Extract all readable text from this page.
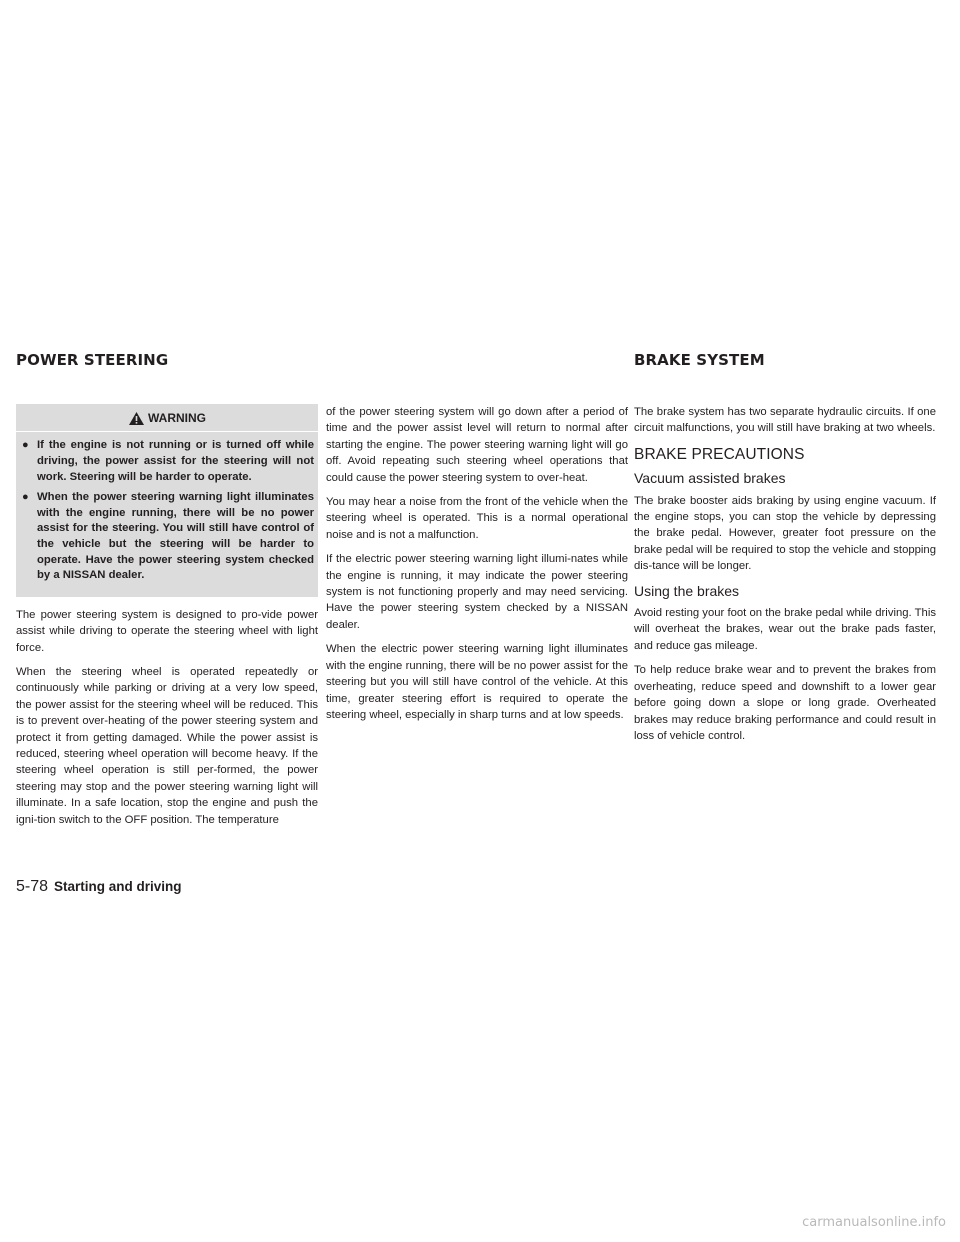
POWER STEERING	BRAKE SYSTEM
WARNING
● If the engine is not running or is turned off while driving, the power assist for the steering will not work. Steering will be harder to operate.
● When the power steering warning light illuminates with the engine running, there will be no power assist for the steering. You will still have control of the vehicle but the steering will be harder to operate. Have the power steering system checked by a NISSAN dealer.

The power steering system is designed to pro-vide power assist while driving to operate the steering wheel with light force.

When the steering wheel is operated repeatedly or continuously while parking or driving at a very low speed, the power assist for the steering wheel will be reduced. This is to prevent over-heating of the power steering system and protect it from getting damaged. While the power assist is reduced, steering wheel operation will become heavy. If the steering wheel operation is still per-formed, the power steering may stop and the power steering warning light will illuminate. In a safe location, stop the engine and push the igni-tion switch to the OFF position. The temperature

of the power steering system will go down after a period of time and the power assist level will return to normal after starting the engine. The power steering warning light will go off. Avoid repeating such steering wheel operations that could cause the power steering system to over-heat.

You may hear a noise from the front of the vehicle when the steering wheel is operated. This is a normal operational noise and is not a malfunction.

If the electric power steering warning light illumi-nates while the engine is running, it may indicate the power steering system is not functioning properly and may need servicing. Have the power steering system checked by a NISSAN dealer.

When the electric power steering warning light illuminates with the engine running, there will be no power assist for the steering but you will still have control of the vehicle. At this time, greater steering effort is required to operate the steering wheel, especially in sharp turns and at low speeds.

The brake system has two separate hydraulic circuits. If one circuit malfunctions, you will still have braking at two wheels.

BRAKE PRECAUTIONS
Vacuum assisted brakes

The brake booster aids braking by using engine vacuum. If the engine stops, you can stop the vehicle by depressing the brake pedal. However, greater foot pressure on the brake pedal will be required to stop the vehicle and stopping dis-tance will be longer.

Using the brakes

Avoid resting your foot on the brake pedal while driving. This will overheat the brakes, wear out the brake pads faster, and reduce gas mileage.

To help reduce brake wear and to prevent the brakes from overheating, reduce speed and downshift to a lower gear before going down a slope or long grade. Overheated brakes may reduce braking performance and could result in loss of vehicle control.

5-78 Starting and driving
carmanualsonline.info
